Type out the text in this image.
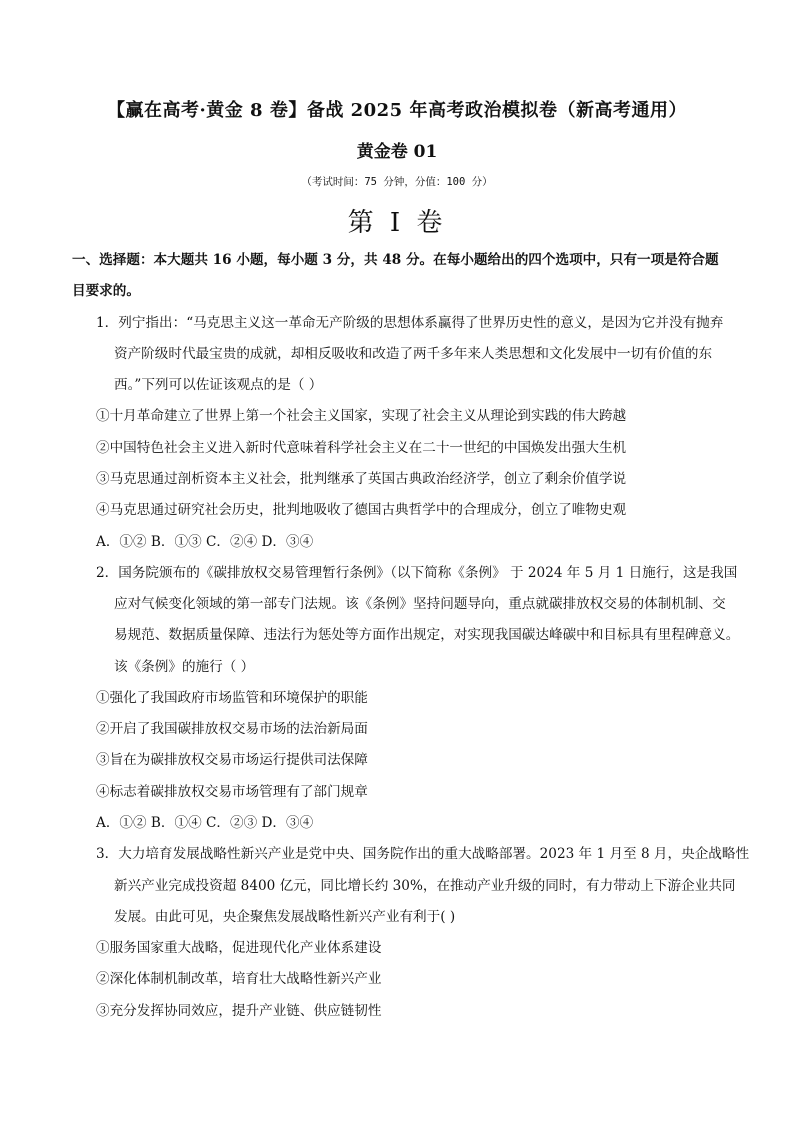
【赢在高考·黄金 8 卷】备战 2025 年高考政治模拟卷（新高考通用）
黄金卷 01
（考试时间：75 分钟，分值：100 分）
第 I 卷
一、选择题：本大题共 16 小题，每小题 3 分，共 48 分。在每小题给出的四个选项中，只有一项是符合题
目要求的。
1．列宁指出：“马克思主义这一革命无产阶级的思想体系赢得了世界历史性的意义，是因为它并没有抛弃
资产阶级时代最宝贵的成就，却相反吸收和改造了两千多年来人类思想和文化发展中一切有价值的东
西。”下列可以佐证该观点的是（ ）
①十月革命建立了世界上第一个社会主义国家，实现了社会主义从理论到实践的伟大跨越
②中国特色社会主义进入新时代意味着科学社会主义在二十一世纪的中国焕发出强大生机
③马克思通过剖析资本主义社会，批判继承了英国古典政治经济学，创立了剩余价值学说
④马克思通过研究社会历史，批判地吸收了德国古典哲学中的合理成分，创立了唯物史观
A．①② B．①③ C．②④ D．③④
2．国务院颁布的《碳排放权交易管理暂行条例》（以下简称《条例》 于 2024 年 5 月 1 日施行，这是我国
应对气候变化领域的第一部专门法规。该《条例》坚持问题导向，重点就碳排放权交易的体制机制、交
易规范、数据质量保障、违法行为惩处等方面作出规定，对实现我国碳达峰碳中和目标具有里程碑意义。
该《条例》的施行（ ）
①强化了我国政府市场监管和环境保护的职能
②开启了我国碳排放权交易市场的法治新局面
③旨在为碳排放权交易市场运行提供司法保障
④标志着碳排放权交易市场管理有了部门规章
A．①② B．①④ C．②③ D．③④
3．大力培育发展战略性新兴产业是党中央、国务院作出的重大战略部署。2023 年 1 月至 8 月，央企战略性
新兴产业完成投资超 8400 亿元，同比增长约 30%，在推动产业升级的同时，有力带动上下游企业共同
发展。由此可见，央企聚焦发展战略性新兴产业有利于( )
①服务国家重大战略，促进现代化产业体系建设
②深化体制机制改革，培育壮大战略性新兴产业
③充分发挥协同效应，提升产业链、供应链韧性
